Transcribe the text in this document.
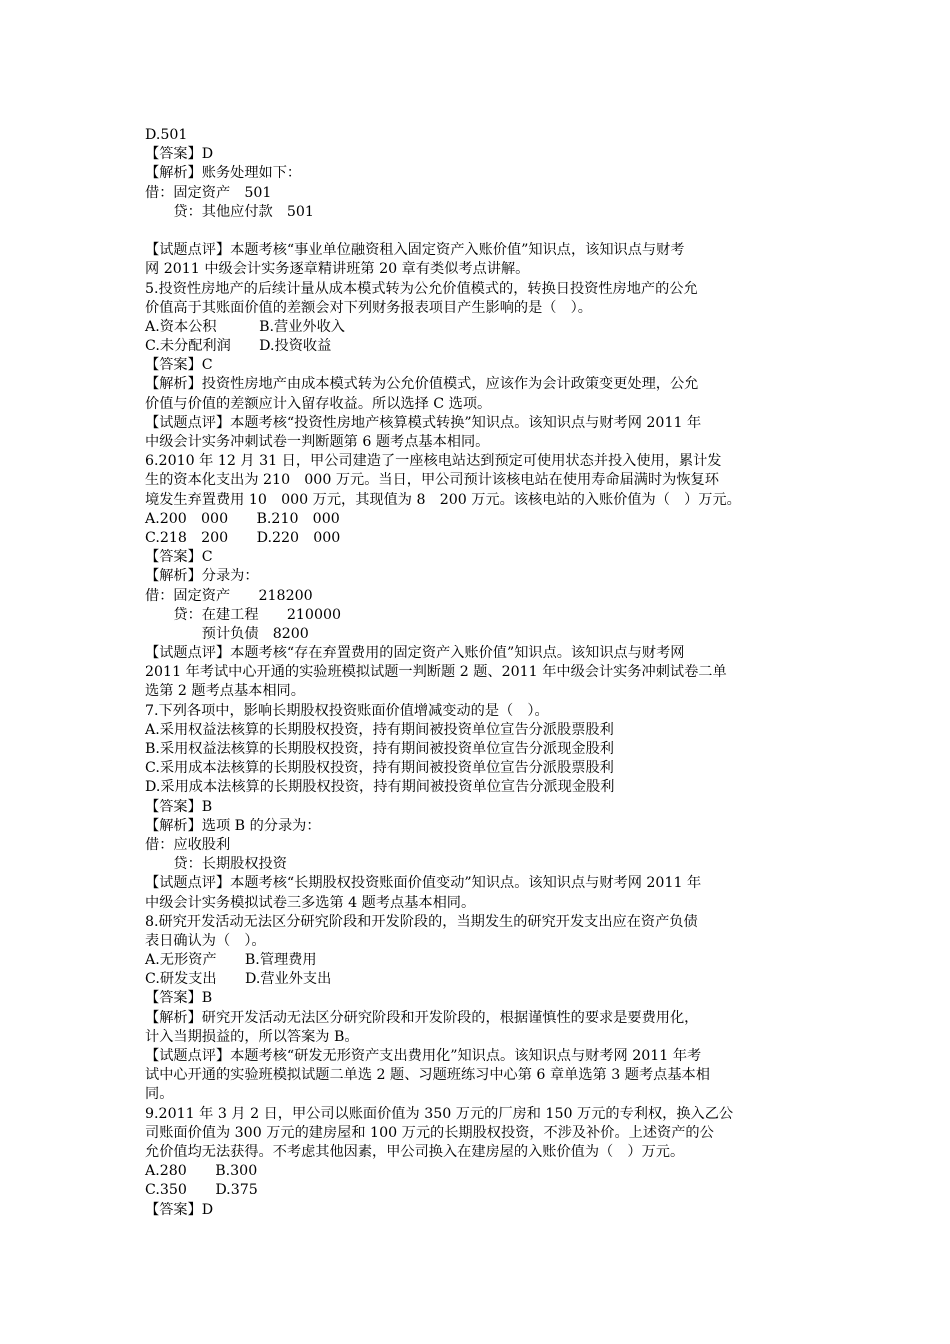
D.501
【答案】D
【解析】账务处理如下：
借：固定资产　501
　　贷：其他应付款　501
【试题点评】本题考核“事业单位融资租入固定资产入账价值”知识点，该知识点与财考
网 2011 中级会计实务逐章精讲班第 20 章有类似考点讲解。
5.投资性房地产的后续计量从成本模式转为公允价值模式的，转换日投资性房地产的公允
价值高于其账面价值的差额会对下列财务报表项目产生影响的是（　）。
A.资本公积　　　B.营业外收入
C.未分配利润　　D.投资收益
【答案】C
【解析】投资性房地产由成本模式转为公允价值模式，应该作为会计政策变更处理，公允
价值与价值的差额应计入留存收益。所以选择 C 选项。
【试题点评】本题考核“投资性房地产核算模式转换”知识点。该知识点与财考网 2011 年
中级会计实务冲刺试卷一判断题第 6 题考点基本相同。
6.2010 年 12 月 31 日，甲公司建造了一座核电站达到预定可使用状态并投入使用，累计发
生的资本化支出为 210　000 万元。当日，甲公司预计该核电站在使用寿命届满时为恢复环
境发生弃置费用 10　000 万元，其现值为 8　200 万元。该核电站的入账价值为（　）万元。
A.200　000　　B.210　000
C.218　200　　D.220　000
【答案】C
【解析】分录为：
借：固定资产　　218200
　　贷：在建工程　　210000
　　　　预计负债　8200
【试题点评】本题考核“存在弃置费用的固定资产入账价值”知识点。该知识点与财考网
2011 年考试中心开通的实验班模拟试题一判断题 2 题、2011 年中级会计实务冲刺试卷二单
选第 2 题考点基本相同。
7.下列各项中，影响长期股权投资账面价值增减变动的是（　）。
A.采用权益法核算的长期股权投资，持有期间被投资单位宣告分派股票股利
B.采用权益法核算的长期股权投资，持有期间被投资单位宣告分派现金股利
C.采用成本法核算的长期股权投资，持有期间被投资单位宣告分派股票股利
D.采用成本法核算的长期股权投资，持有期间被投资单位宣告分派现金股利
【答案】B
【解析】选项 B 的分录为：
借：应收股利
　　贷：长期股权投资
【试题点评】本题考核“长期股权投资账面价值变动”知识点。该知识点与财考网 2011 年
中级会计实务模拟试卷三多选第 4 题考点基本相同。
8.研究开发活动无法区分研究阶段和开发阶段的，当期发生的研究开发支出应在资产负债
表日确认为（　）。
A.无形资产　　B.管理费用
C.研发支出　　D.营业外支出
【答案】B
【解析】研究开发活动无法区分研究阶段和开发阶段的，根据谨慎性的要求是要费用化，
计入当期损益的，所以答案为 B。
【试题点评】本题考核“研发无形资产支出费用化”知识点。该知识点与财考网 2011 年考
试中心开通的实验班模拟试题二单选 2 题、习题班练习中心第 6 章单选第 3 题考点基本相
同。
9.2011 年 3 月 2 日，甲公司以账面价值为 350 万元的厂房和 150 万元的专利权，换入乙公
司账面价值为 300 万元的建房屋和 100 万元的长期股权投资，不涉及补价。上述资产的公
允价值均无法获得。不考虑其他因素，甲公司换入在建房屋的入账价值为（　）万元。
A.280　　B.300
C.350　　D.375
【答案】D
